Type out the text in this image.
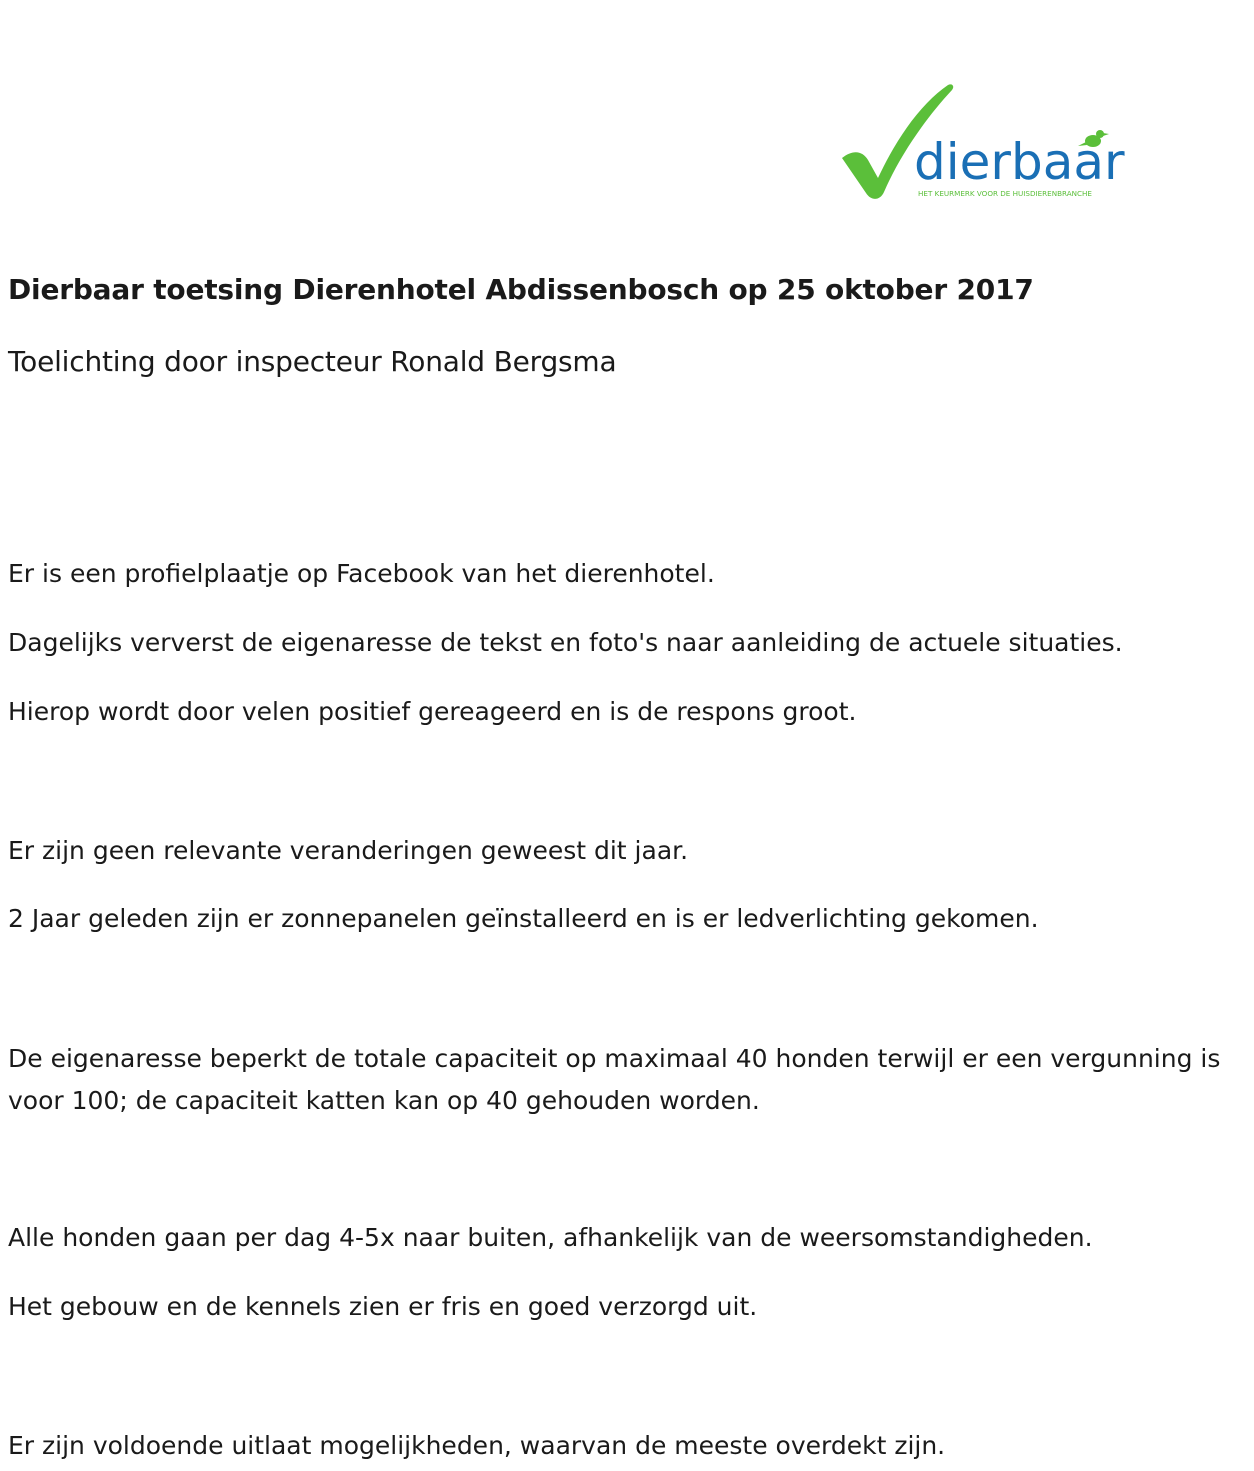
dierbaar
HET KEURMERK VOOR DE HUISDIERENBRANCHE
Dierbaar toetsing Dierenhotel Abdissenbosch op 25 oktober 2017
Toelichting door inspecteur Ronald Bergsma

Er is een profielplaatje op Facebook van het dierenhotel.

Dagelijks ververst de eigenaresse de tekst en foto's naar aanleiding de actuele situaties.

Hierop wordt door velen positief gereageerd en is de respons groot.

Er zijn geen relevante veranderingen geweest dit jaar.

2 Jaar geleden zijn er zonnepanelen geïnstalleerd en is er ledverlichting gekomen.

De eigenaresse beperkt de totale capaciteit op maximaal 40 honden terwijl er een vergunning is voor 100; de capaciteit katten kan op 40 gehouden worden.

Alle honden gaan per dag 4-5x naar buiten, afhankelijk van de weersomstandigheden.

Het gebouw en de kennels zien er fris en goed verzorgd uit.

Er zijn voldoende uitlaat mogelijkheden, waarvan de meeste overdekt zijn.
